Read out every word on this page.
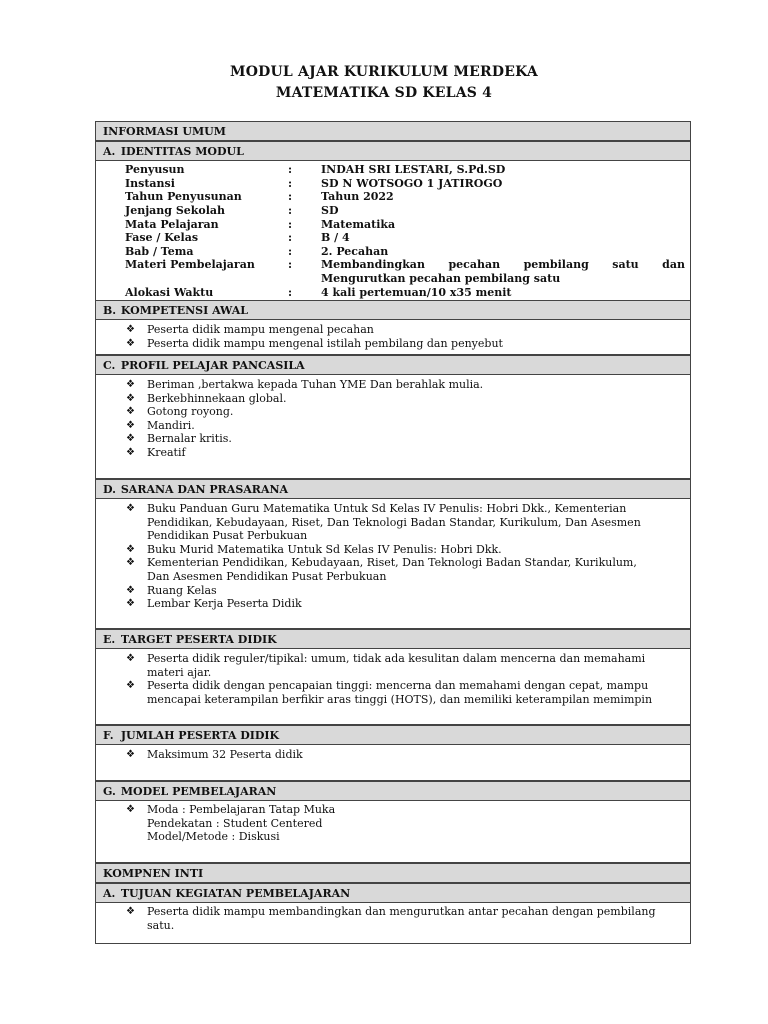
MODUL AJAR KURIKULUM MERDEKA
MATEMATIKA SD KELAS 4
INFORMASI UMUM
A. IDENTITAS MODUL
Penyusun	:	INDAH SRI LESTARI, S.Pd.SD
Instansi	:	SD N WOTSOGO 1 JATIROGO
Tahun Penyusunan	:	Tahun 2022
Jenjang Sekolah	:	SD
Mata Pelajaran	:	Matematika
Fase / Kelas	:	B / 4
Bab / Tema	:	2. Pecahan
Materi Pembelajaran	:	Membandingkan pecahan pembilang satu dan
Mengurutkan pecahan pembilang satu
Alokasi Waktu	:	4 kali pertemuan/10 x35 menit
B. KOMPETENSI AWAL
❖ Peserta didik mampu mengenal pecahan
❖ Peserta didik mampu mengenal istilah pembilang dan penyebut
C. PROFIL PELAJAR PANCASILA
❖ Beriman ,bertakwa kepada Tuhan YME Dan berahlak mulia.
❖ Berkebhinnekaan global.
❖ Gotong royong.
❖ Mandiri.
❖ Bernalar kritis.
❖ Kreatif
D. SARANA DAN PRASARANA
❖ Buku Panduan Guru Matematika Untuk Sd Kelas IV Penulis: Hobri Dkk., Kementerian
Pendidikan, Kebudayaan, Riset, Dan Teknologi Badan Standar, Kurikulum, Dan Asesmen
Pendidikan Pusat Perbukuan
❖ Buku Murid Matematika Untuk Sd Kelas IV Penulis: Hobri Dkk.
❖ Kementerian Pendidikan, Kebudayaan, Riset, Dan Teknologi Badan Standar, Kurikulum,
Dan Asesmen Pendidikan Pusat Perbukuan
❖ Ruang Kelas
❖ Lembar Kerja Peserta Didik
E. TARGET PESERTA DIDIK
❖ Peserta didik reguler/tipikal: umum, tidak ada kesulitan dalam mencerna dan memahami
materi ajar.
❖ Peserta didik dengan pencapaian tinggi: mencerna dan memahami dengan cepat, mampu
mencapai keterampilan berfikir aras tinggi (HOTS), dan memiliki keterampilan memimpin
F. JUMLAH PESERTA DIDIK
❖ Maksimum 32 Peserta didik
G. MODEL PEMBELAJARAN
❖ Moda : Pembelajaran Tatap Muka
Pendekatan : Student Centered
Model/Metode : Diskusi
KOMPNEN INTI
A. TUJUAN KEGIATAN PEMBELAJARAN
❖ Peserta didik mampu membandingkan dan mengurutkan antar pecahan dengan pembilang
satu.
